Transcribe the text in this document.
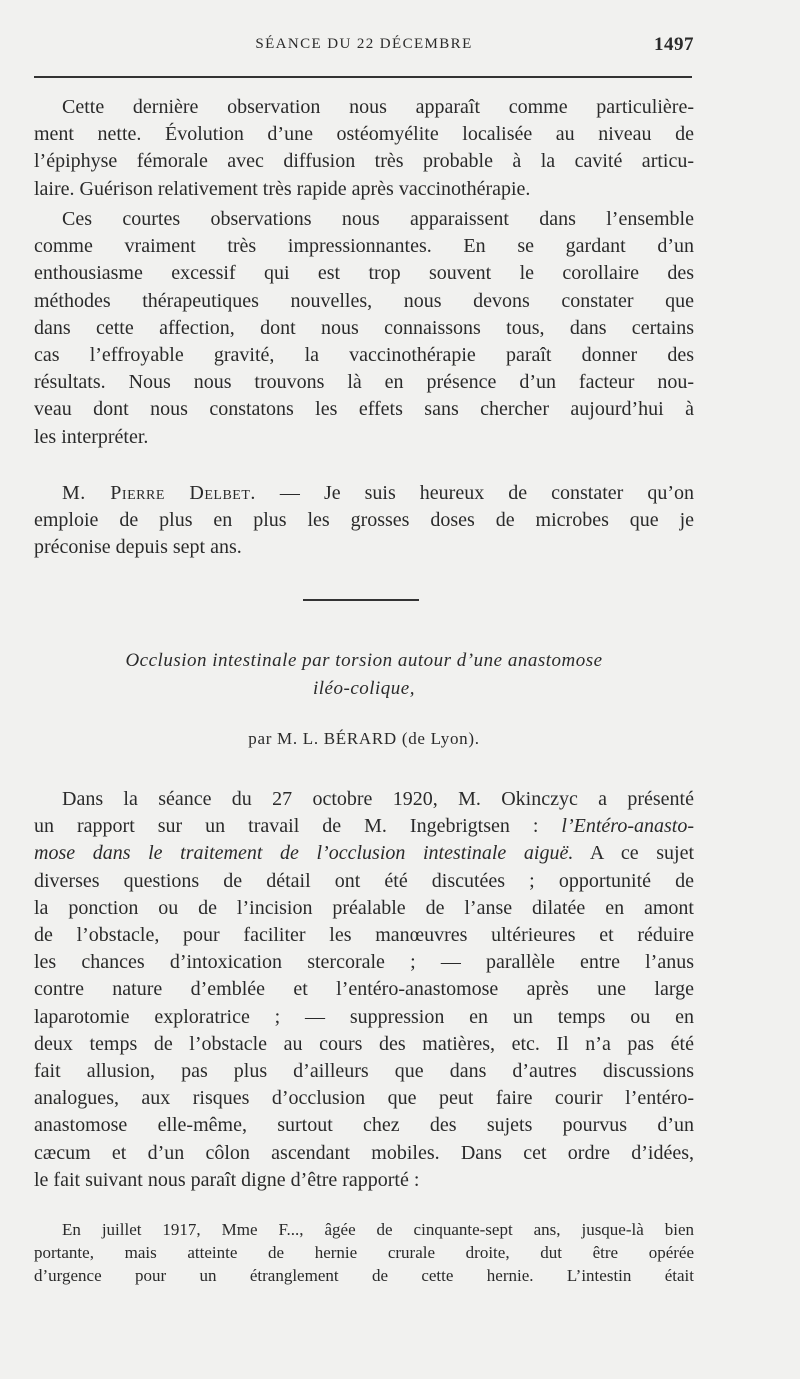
SÉANCE DU 22 DÉCEMBRE	1497

Cette dernière observation nous apparaît comme particulière-
ment nette. Évolution d’une ostéomyélite localisée au niveau de
l’épiphyse fémorale avec diffusion très probable à la cavité articu-
laire. Guérison relativement très rapide après vaccinothérapie.

Ces courtes observations nous apparaissent dans l’ensemble
comme vraiment très impressionnantes. En se gardant d’un
enthousiasme excessif qui est trop souvent le corollaire des
méthodes thérapeutiques nouvelles, nous devons constater que
dans cette affection, dont nous connaissons tous, dans certains
cas l’effroyable gravité, la vaccinothérapie paraît donner des
résultats. Nous nous trouvons là en présence d’un facteur nou-
veau dont nous constatons les effets sans chercher aujourd’hui à
les interpréter.

M. Pierre Delbet. — Je suis heureux de constater qu’on
emploie de plus en plus les grosses doses de microbes que je
préconise depuis sept ans.

Occlusion intestinale par torsion autour d’une anastomose
iléo-colique,
par M. L. BÉRARD (de Lyon).

Dans la séance du 27 octobre 1920, M. Okinczyc a présenté
un rapport sur un travail de M. Ingebrigtsen : l’Entéro-anasto-
mose dans le traitement de l’occlusion intestinale aiguë. A ce sujet
diverses questions de détail ont été discutées ; opportunité de
la ponction ou de l’incision préalable de l’anse dilatée en amont
de l’obstacle, pour faciliter les manœuvres ultérieures et réduire
les chances d’intoxication stercorale ; — parallèle entre l’anus
contre nature d’emblée et l’entéro-anastomose après une large
laparotomie exploratrice ; — suppression en un temps ou en
deux temps de l’obstacle au cours des matières, etc. Il n’a pas été
fait allusion, pas plus d’ailleurs que dans d’autres discussions
analogues, aux risques d’occlusion que peut faire courir l’entéro-
anastomose elle-même, surtout chez des sujets pourvus d’un
cæcum et d’un côlon ascendant mobiles. Dans cet ordre d’idées,
le fait suivant nous paraît digne d’être rapporté :

En juillet 1917, Mme F..., âgée de cinquante-sept ans, jusque-là bien
portante, mais atteinte de hernie crurale droite, dut être opérée
d’urgence pour un étranglement de cette hernie. L’intestin était
